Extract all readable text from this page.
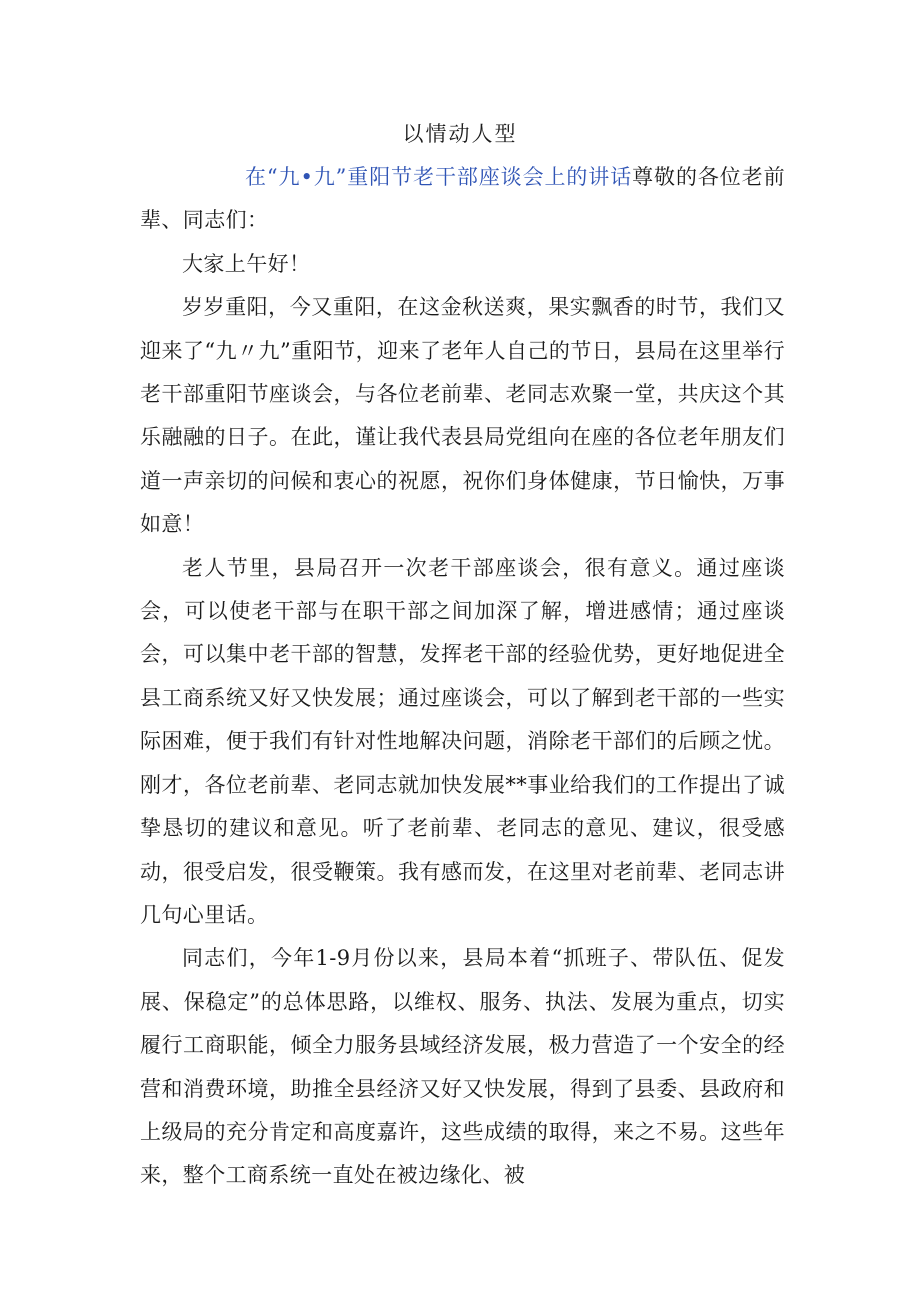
以情动人型

在“九•九”重阳节老干部座谈会上的讲话尊敬的各位老前辈、同志们：

大家上午好！

岁岁重阳，今又重阳，在这金秋送爽，果实飘香的时节，我们又迎来了“九〃九”重阳节，迎来了老年人自己的节日，县局在这里举行老干部重阳节座谈会，与各位老前辈、老同志欢聚一堂，共庆这个其乐融融的日子。在此，谨让我代表县局党组向在座的各位老年朋友们道一声亲切的问候和衷心的祝愿，祝你们身体健康，节日愉快，万事如意！

老人节里，县局召开一次老干部座谈会，很有意义。通过座谈会，可以使老干部与在职干部之间加深了解，增进感情；通过座谈会，可以集中老干部的智慧，发挥老干部的经验优势，更好地促进全县工商系统又好又快发展；通过座谈会，可以了解到老干部的一些实际困难，便于我们有针对性地解决问题，消除老干部们的后顾之忧。刚才，各位老前辈、老同志就加快发展**事业给我们的工作提出了诚挚恳切的建议和意见。听了老前辈、老同志的意见、建议，很受感动，很受启发，很受鞭策。我有感而发，在这里对老前辈、老同志讲几句心里话。

同志们，今年1-9月份以来，县局本着“抓班子、带队伍、促发展、保稳定”的总体思路，以维权、服务、执法、发展为重点，切实履行工商职能，倾全力服务县域经济发展，极力营造了一个安全的经营和消费环境，助推全县经济又好又快发展，得到了县委、县政府和上级局的充分肯定和高度嘉许，这些成绩的取得，来之不易。这些年来，整个工商系统一直处在被边缘化、被
